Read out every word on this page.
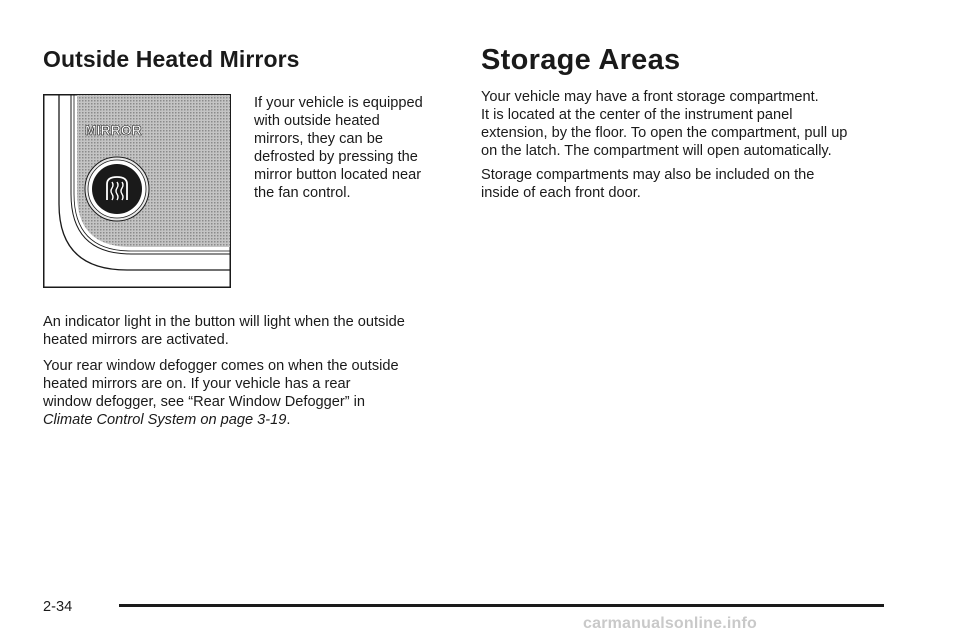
Outside Heated Mirrors
MIRROR
If your vehicle is equipped
with outside heated
mirrors, they can be
defrosted by pressing the
mirror button located near
the fan control.
An indicator light in the button will light when the outside
heated mirrors are activated.
Your rear window defogger comes on when the outside
heated mirrors are on. If your vehicle has a rear
window defogger, see “Rear Window Defogger” in
Climate Control System on page 3-19.
Storage Areas
Your vehicle may have a front storage compartment.
It is located at the center of the instrument panel
extension, by the floor. To open the compartment, pull up
on the latch. The compartment will open automatically.
Storage compartments may also be included on the
inside of each front door.
2-34
carmanualsonline.info
